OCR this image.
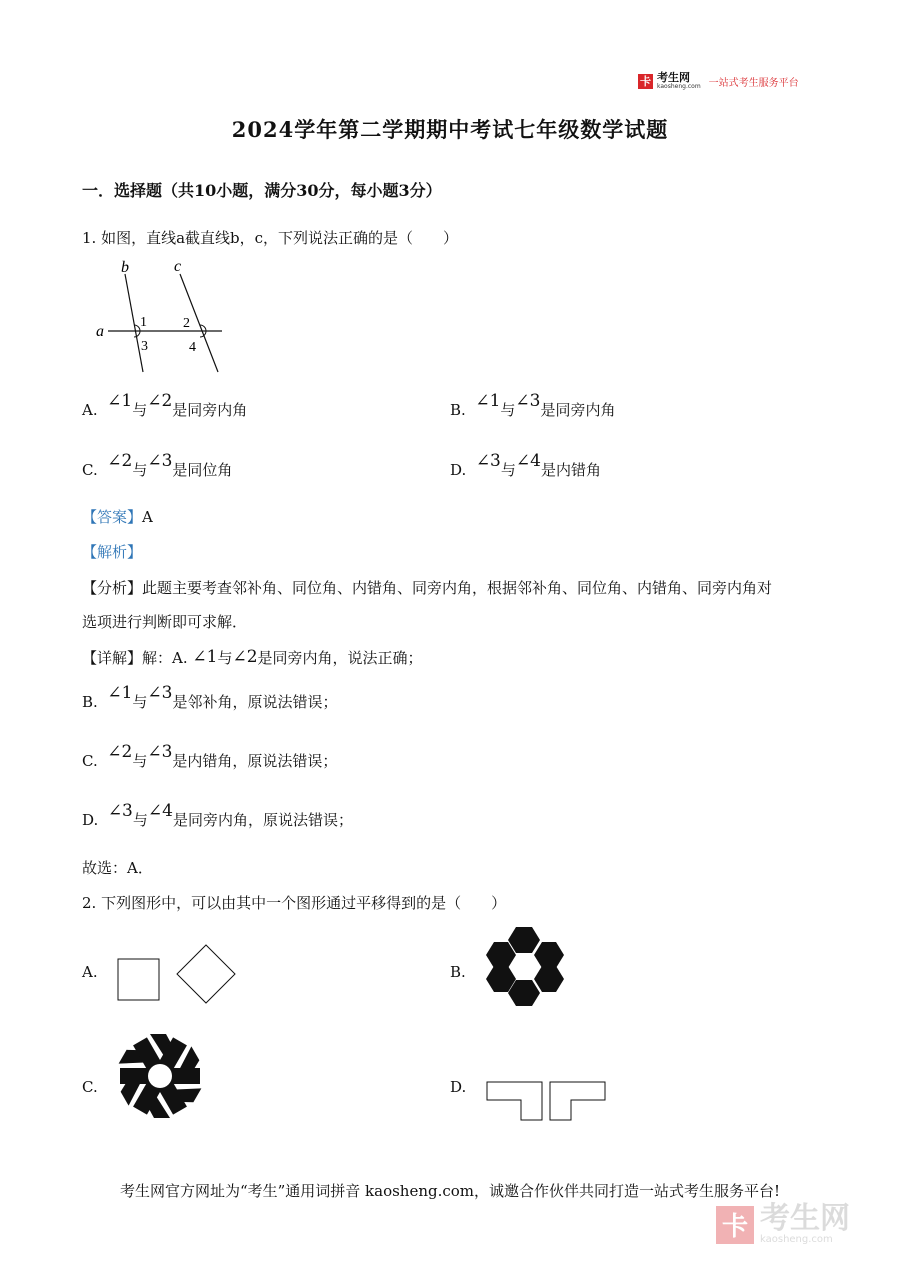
卡 考生网
kaosheng.com 一站式考生服务平台
2024学年第二学期期中考试七年级数学试题
一．选择题（共10小题，满分30分，每小题3分）
1. 如图，直线a截直线b，c，下列说法正确的是（　　）
b	c
a
1
3
2
4
A. ∠1与∠2是同旁内角	B. ∠1与∠3是同旁内角
C. ∠2与∠3是同位角	D. ∠3与∠4是内错角
【答案】A
【解析】
【分析】此题主要考查邻补角、同位角、内错角、同旁内角，根据邻补角、同位角、内错角、同旁内角对
选项进行判断即可求解．
【详解】解：A. ∠1与∠2是同旁内角，说法正确；
B. ∠1与∠3是邻补角，原说法错误；
C. ∠2与∠3是内错角，原说法错误；
D. ∠3与∠4是同旁内角，原说法错误；
故选：A．
2. 下列图形中，可以由其中一个图形通过平移得到的是（　　）
A.	B.
C.	D.
考生网官方网址为“考生”通用词拼音 kaosheng.com，诚邀合作伙伴共同打造一站式考生服务平台!
卡 考生网
kaosheng.com
